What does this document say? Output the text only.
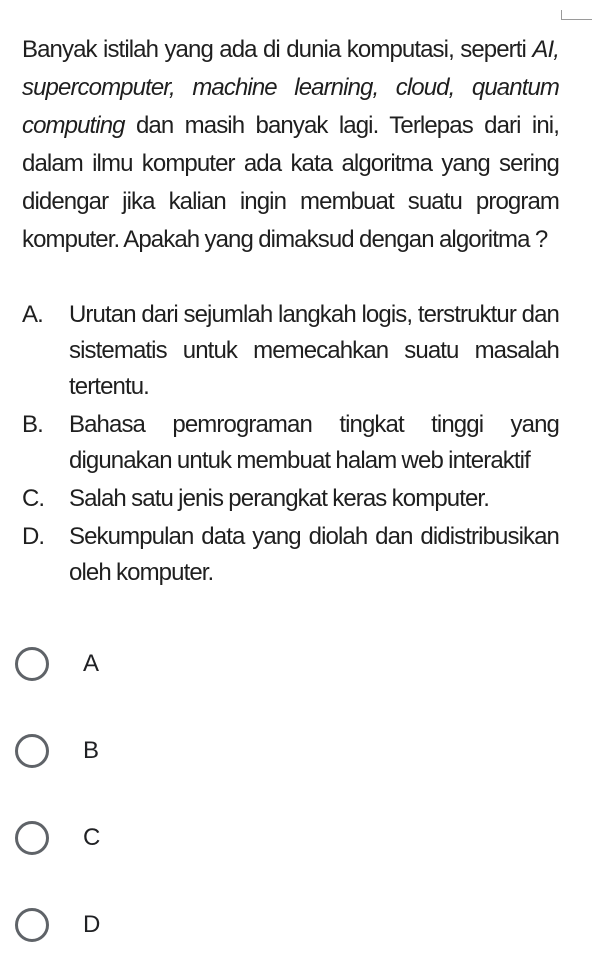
Banyak istilah yang ada di dunia komputasi, seperti AI, supercomputer, machine learning, cloud, quantum computing dan masih banyak lagi. Terlepas dari ini, dalam ilmu komputer ada kata algoritma yang sering didengar jika kalian ingin membuat suatu program komputer. Apakah yang dimaksud dengan algoritma ?

A.	Urutan dari sejumlah langkah logis, terstruktur dan sistematis untuk memecahkan suatu masalah tertentu.
B.	Bahasa pemrograman tingkat tinggi yang digunakan untuk membuat halam web interaktif
C.	Salah satu jenis perangkat keras komputer.
D.	Sekumpulan data yang diolah dan didistribusikan oleh komputer.
A
B
C
D
